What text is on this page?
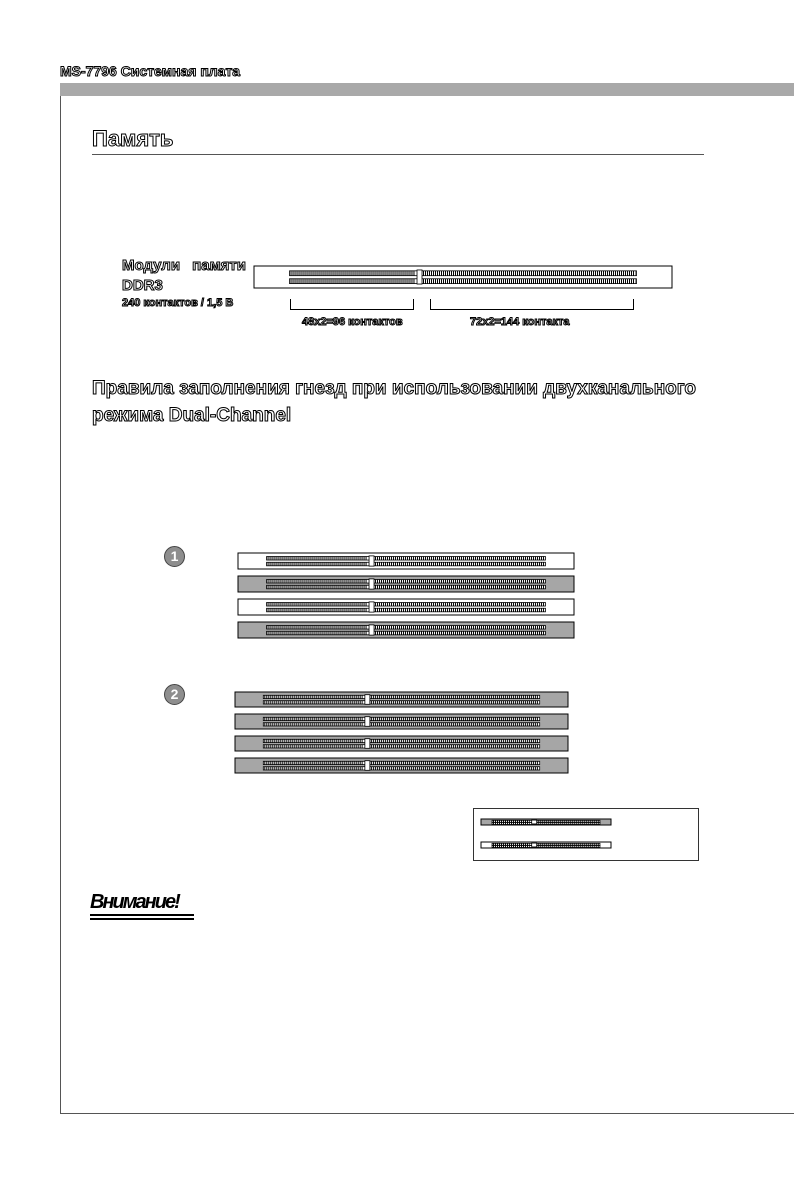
MS-7796 Системная плата
Память
Модули памяти
DDR3
240 контактов / 1,5 В
48x2=96 контактов	72x2=144 контакта
Правила заполнения гнезд при использовании двухканального
режима Dual-Channel
1
2
Внимание!
